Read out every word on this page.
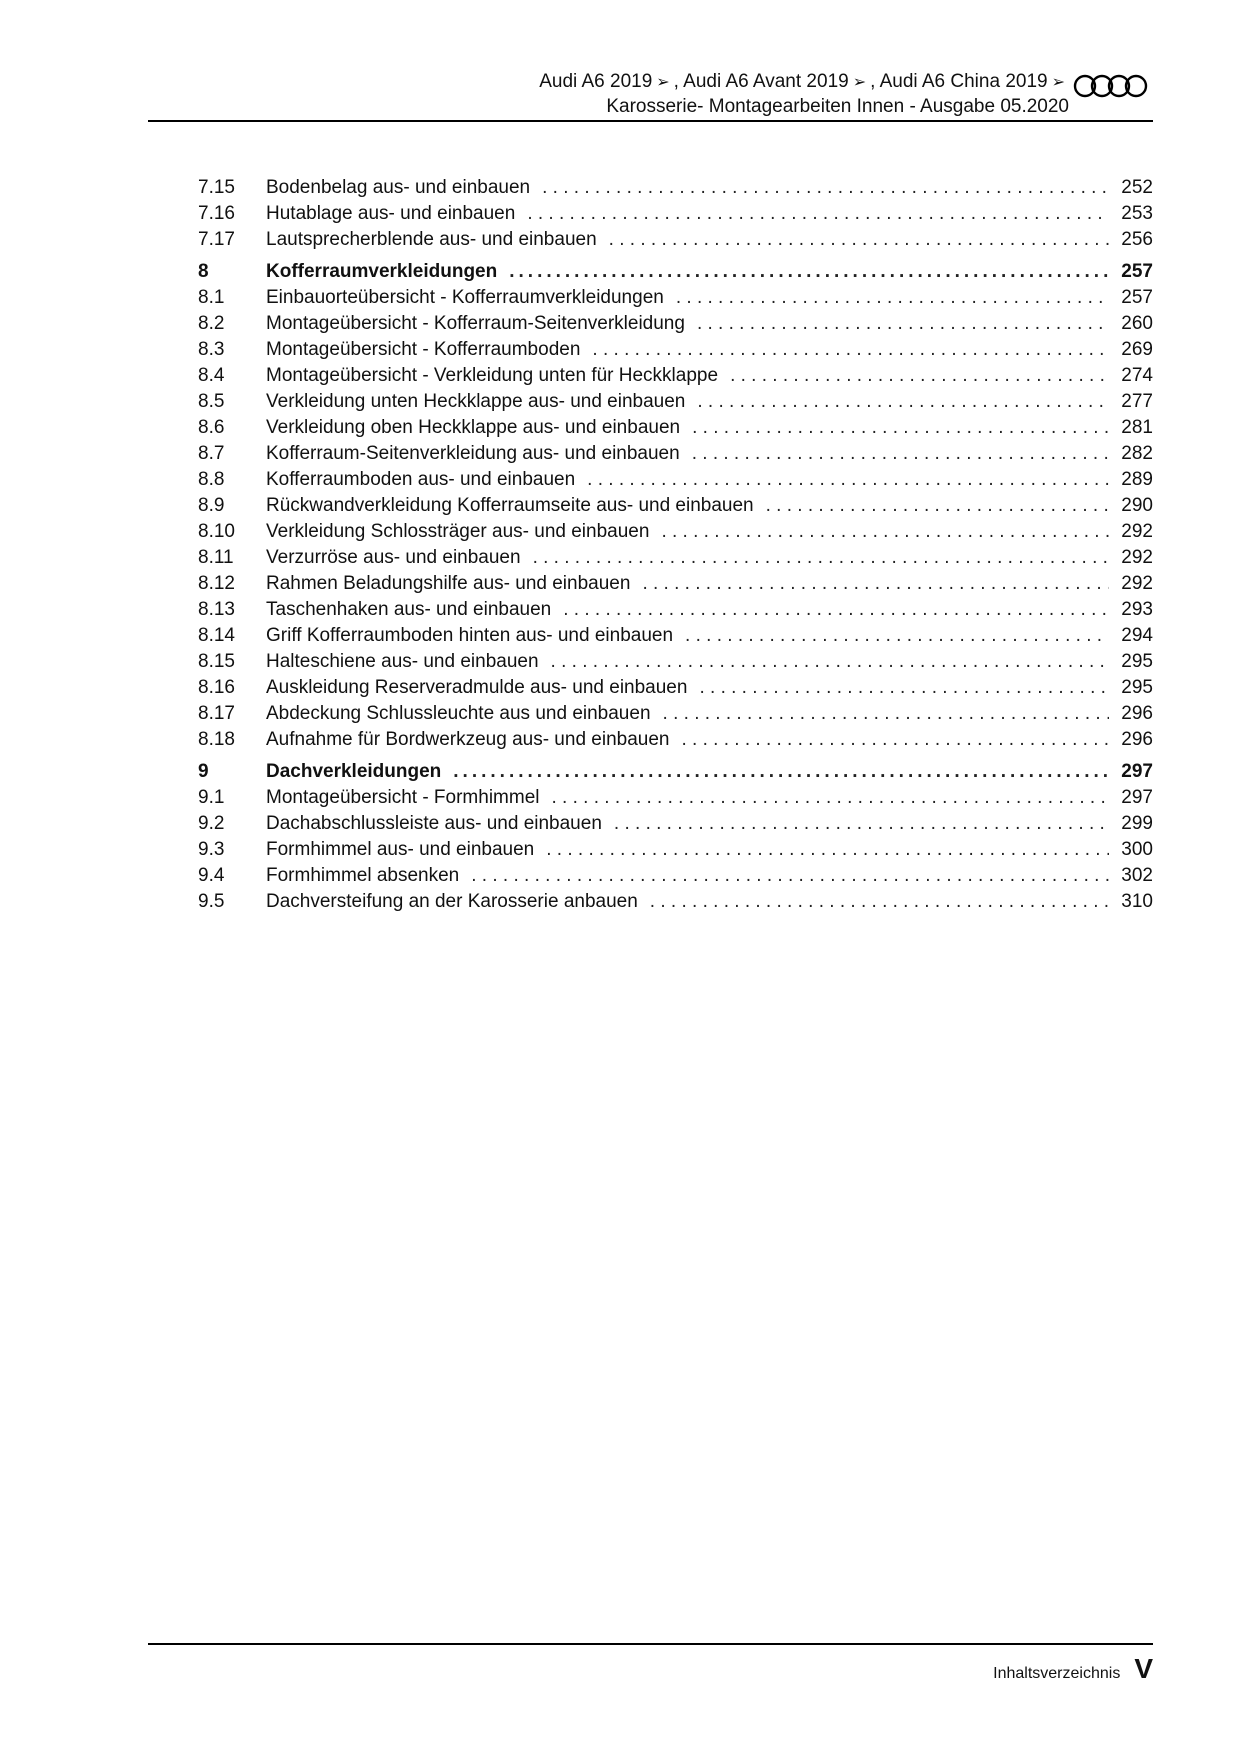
Audi A6 2019 ➢ , Audi A6 Avant 2019 ➢ , Audi A6 China 2019 ➢
Karosserie- Montagearbeiten Innen - Ausgabe 05.2020
7.15	Bodenbelag aus- und einbauen . . .	252
7.16	Hutablage aus- und einbauen . . .	253
7.17	Lautsprecherblende aus- und einbauen . . .	256
8	Kofferraumverkleidungen .....	257
8.1	Einbauorteübersicht - Kofferraumverkleidungen . . .	257
8.2	Montageübersicht - Kofferraum-Seitenverkleidung . . .	260
8.3	Montageübersicht - Kofferraumboden . . .	269
8.4	Montageübersicht - Verkleidung unten für Heckklappe . . .	274
8.5	Verkleidung unten Heckklappe aus- und einbauen . . .	277
8.6	Verkleidung oben Heckklappe aus- und einbauen . . .	281
8.7	Kofferraum-Seitenverkleidung aus- und einbauen . . .	282
8.8	Kofferraumboden aus- und einbauen . . .	289
8.9	Rückwandverkleidung Kofferraumseite aus- und einbauen . . .	290
8.10	Verkleidung Schlossträger aus- und einbauen . . .	292
8.11	Verzurröse aus- und einbauen . . .	292
8.12	Rahmen Beladungshilfe aus- und einbauen . . .	292
8.13	Taschenhaken aus- und einbauen . . .	293
8.14	Griff Kofferraumboden hinten aus- und einbauen . . .	294
8.15	Halteschiene aus- und einbauen . . .	295
8.16	Auskleidung Reserveradmulde aus- und einbauen . . .	295
8.17	Abdeckung Schlussleuchte aus und einbauen . . .	296
8.18	Aufnahme für Bordwerkzeug aus- und einbauen . . .	296
9	Dachverkleidungen .....	297
9.1	Montageübersicht - Formhimmel . . .	297
9.2	Dachabschlussleiste aus- und einbauen . . .	299
9.3	Formhimmel aus- und einbauen . . .	300
9.4	Formhimmel absenken . . .	302
9.5	Dachversteifung an der Karosserie anbauen . . .	310
Inhaltsverzeichnis V
